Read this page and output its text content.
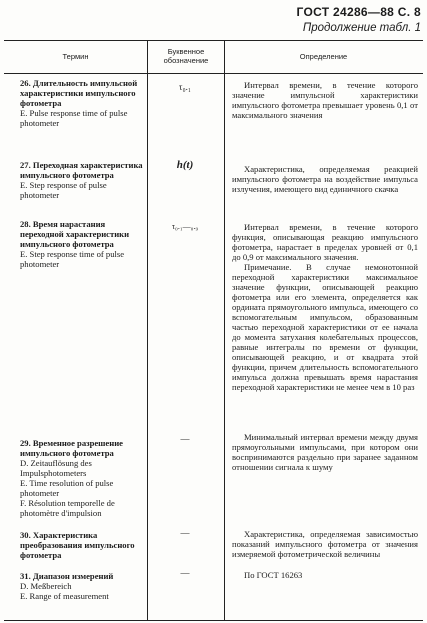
ГОСТ 24286—88 С. 8
Продолжение табл. 1
Термин
Буквенное обозначение	Определение
26. Длительность импульсной характеристики импульсного фотометра
E. Pulse response time of pulse photometer
τ₀.₁	Интервал времени, в течение которого значение импульсной характеристики импульсного фотометра превышает уровень 0,1 от максимального значения
27. Переходная характеристика импульсного фотометра
E. Step response of pulse photometer
h(t)	Характеристика, определяемая реакцией импульсного фотометра на воздействие импульса излучения, имеющего вид единичного скачка
28. Время нарастания переходной характеристики импульсного фотометра
E. Step response time of pulse photometer
τ₀.₁—₀.₉	Интервал времени, в течение которого функция, описывающая реакцию импульсного фотометра, нарастает в пределах уровней от 0,1 до 0,9 от максимального значения.
Примечание. В случае немонотонной переходной характеристики максимальное значение функции, описывающей реакцию фотометра или его элемента, определяется как ордината прямоугольного импульса, имеющего со вспомогательным импульсом, образованным частью переходной характеристики от ее начала до момента затухания колебательных процессов, равные интегралы по времени от функции, описывающей реакцию, и от квадрата этой функции, причем длительность вспомогательного импульса должна превышать время нарастания переходной характеристики не менее чем в 10 раз
29. Временное разрешение импульсного фотометра
D. Zeitauflösung des Impulsphotometers
E. Time resolution of pulse photometer
F. Résolution temporelle de photomètre d'impulsion
—	Минимальный интервал времени между двумя прямоугольными импульсами, при котором они воспринимаются раздельно при заранее заданном отношении сигнала к шуму
30. Характеристика преобразования импульсного фотометра
—	Характеристика, определяемая зависимостью показаний импульсного фотометра от значения измеряемой фотометрической величины
31. Диапазон измерений
D. Meßbereich
E. Range of measurement
—	По ГОСТ 16263
